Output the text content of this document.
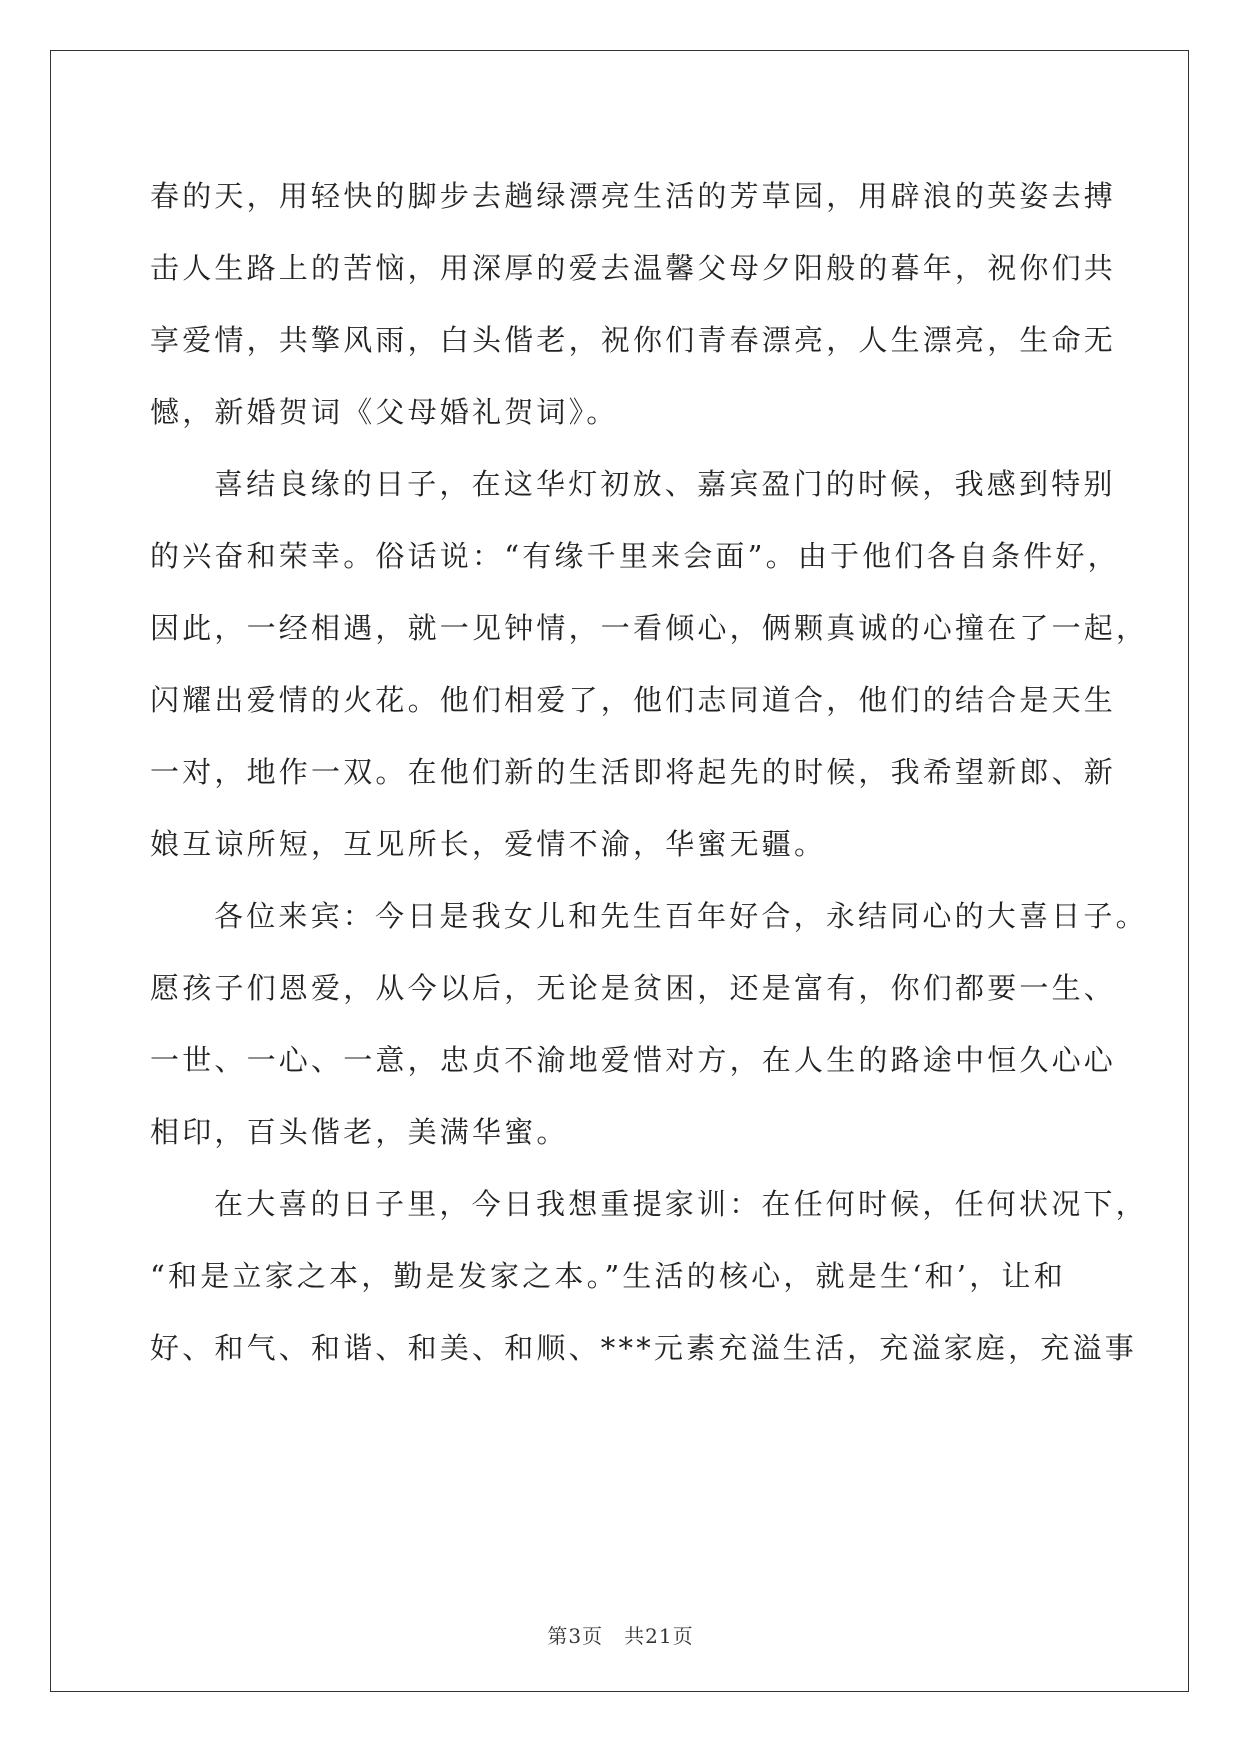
春的天，用轻快的脚步去趟绿漂亮生活的芳草园，用辟浪的英姿去搏
击人生路上的苦恼，用深厚的爱去温馨父母夕阳般的暮年，祝你们共
享爱情，共擎风雨，白头偕老，祝你们青春漂亮，人生漂亮，生命无
憾，新婚贺词《父母婚礼贺词》。
喜结良缘的日子，在这华灯初放、嘉宾盈门的时候，我感到特别
的兴奋和荣幸。俗话说：“有缘千里来会面”。由于他们各自条件好，
因此，一经相遇，就一见钟情，一看倾心，俩颗真诚的心撞在了一起，
闪耀出爱情的火花。他们相爱了，他们志同道合，他们的结合是天生
一对，地作一双。在他们新的生活即将起先的时候，我希望新郎、新
娘互谅所短，互见所长，爱情不渝，华蜜无疆。
各位来宾：今日是我女儿和先生百年好合，永结同心的大喜日子。
愿孩子们恩爱，从今以后，无论是贫困，还是富有，你们都要一生、
一世、一心、一意，忠贞不渝地爱惜对方，在人生的路途中恒久心心
相印，百头偕老，美满华蜜。
在大喜的日子里，今日我想重提家训：在任何时候，任何状况下，
“和是立家之本，勤是发家之本。”生活的核心，就是生‘和’，让和
好、和气、和谐、和美、和顺、***元素充溢生活，充溢家庭，充溢事
第3页　共21页
